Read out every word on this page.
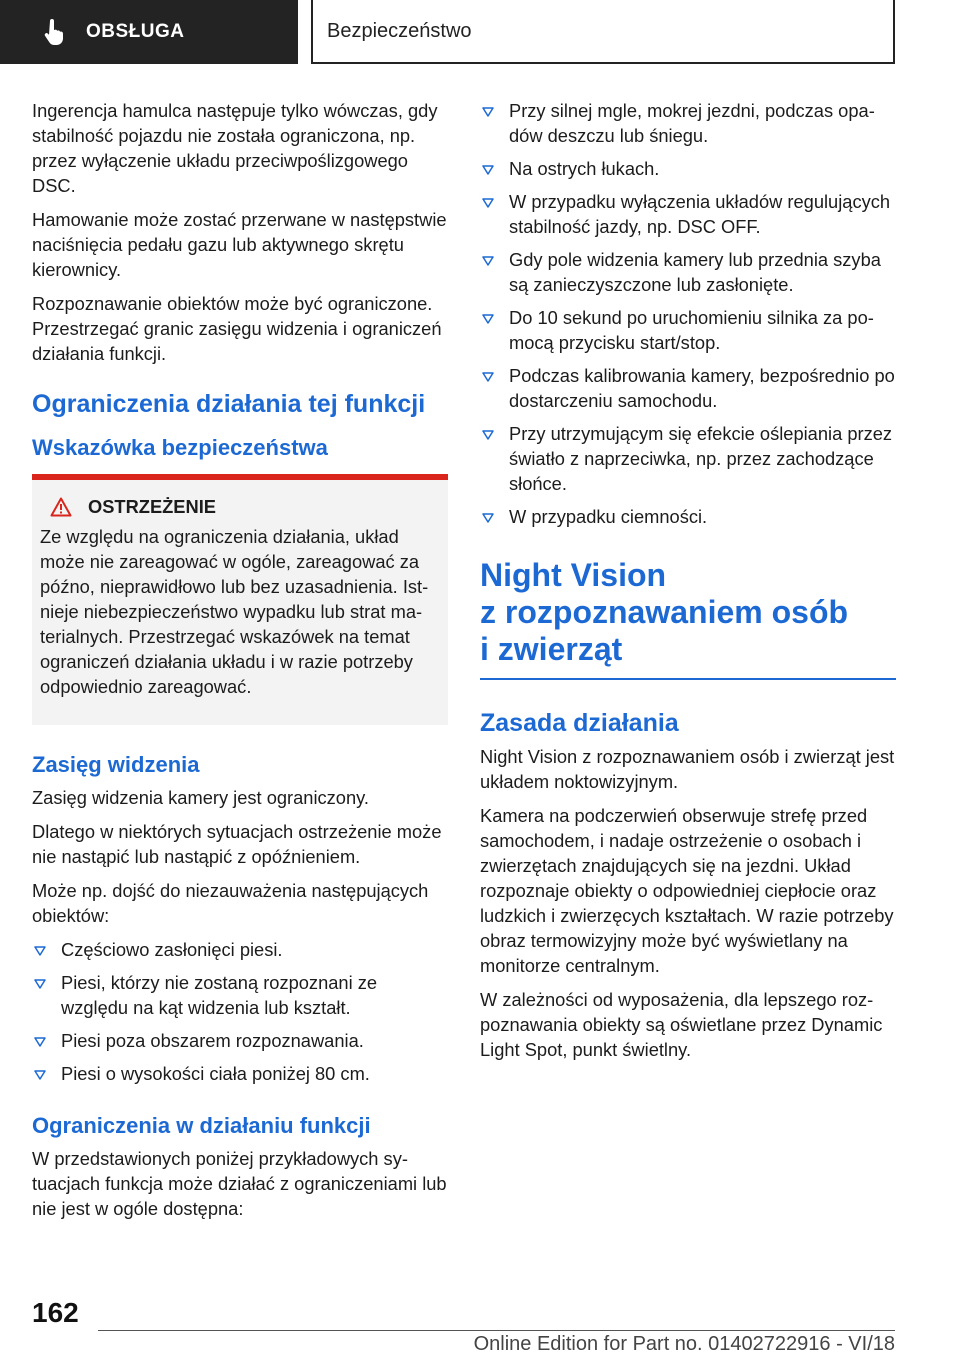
OBSŁUGA	Bezpieczeństwo

Ingerencja hamulca następuje tylko wówczas, gdy stabilność pojazdu nie została ograniczona, np. przez wyłączenie układu przeciwpoślizgowego DSC.

Hamowanie może zostać przerwane w następstwie naciśnięcia pedału gazu lub aktywnego skrętu kierownicy.

Rozpoznawanie obiektów może być ograniczone. Przestrzegać granic zasięgu widzenia i ograniczeń działania funkcji.

Ograniczenia działania tej funkcji
Wskazówka bezpieczeństwa
OSTRZEŻENIE

Ze względu na ograniczenia działania, układ może nie zareagować w ogóle, zareagować za późno, nieprawidłowo lub bez uzasadnienia. Istnieje niebezpieczeństwo wypadku lub strat materialnych. Przestrzegać wskazówek na temat ograniczeń działania układu i w razie potrzeby odpowiednio zareagować.

Zasięg widzenia

Zasięg widzenia kamery jest ograniczony.

Dlatego w niektórych sytuacjach ostrzeżenie może nie nastąpić lub nastąpić z opóźnieniem.

Może np. dojść do niezauważenia następujących obiektów:

Częściowo zasłonięci piesi.
Piesi, którzy nie zostaną rozpoznani ze względu na kąt widzenia lub kształt.
Piesi poza obszarem rozpoznawania.
Piesi o wysokości ciała poniżej 80 cm.
Ograniczenia w działaniu funkcji

W przedstawionych poniżej przykładowych sytuacjach funkcja może działać z ograniczeniami lub nie jest w ogóle dostępna:

Przy silnej mgle, mokrej jezdni, podczas opadów deszczu lub śniegu.
Na ostrych łukach.
W przypadku wyłączenia układów regulujących stabilność jazdy, np. DSC OFF.
Gdy pole widzenia kamery lub przednia szyba są zanieczyszczone lub zasłonięte.
Do 10 sekund po uruchomieniu silnika za pomocą przycisku start/stop.
Podczas kalibrowania kamery, bezpośrednio po dostarczeniu samochodu.
Przy utrzymującym się efekcie oślepiania przez światło z naprzeciwka, np. przez zachodzące słońce.
W przypadku ciemności.
Night Vision
z rozpoznawaniem osób
i zwierząt
Zasada działania

Night Vision z rozpoznawaniem osób i zwierząt jest układem noktowizyjnym.

Kamera na podczerwień obserwuje strefę przed samochodem, i nadaje ostrzeżenie o osobach i zwierzętach znajdujących się na jezdni. Układ rozpoznaje obiekty o odpowiedniej ciepłocie oraz ludzkich i zwierzęcych kształtach. W razie potrzeby obraz termowizyjny może być wyświetlany na monitorze centralnym.

W zależności od wyposażenia, dla lepszego rozpoznawania obiekty są oświetlane przez Dynamic Light Spot, punkt świetlny.

162
Online Edition for Part no. 01402722916 - VI/18
